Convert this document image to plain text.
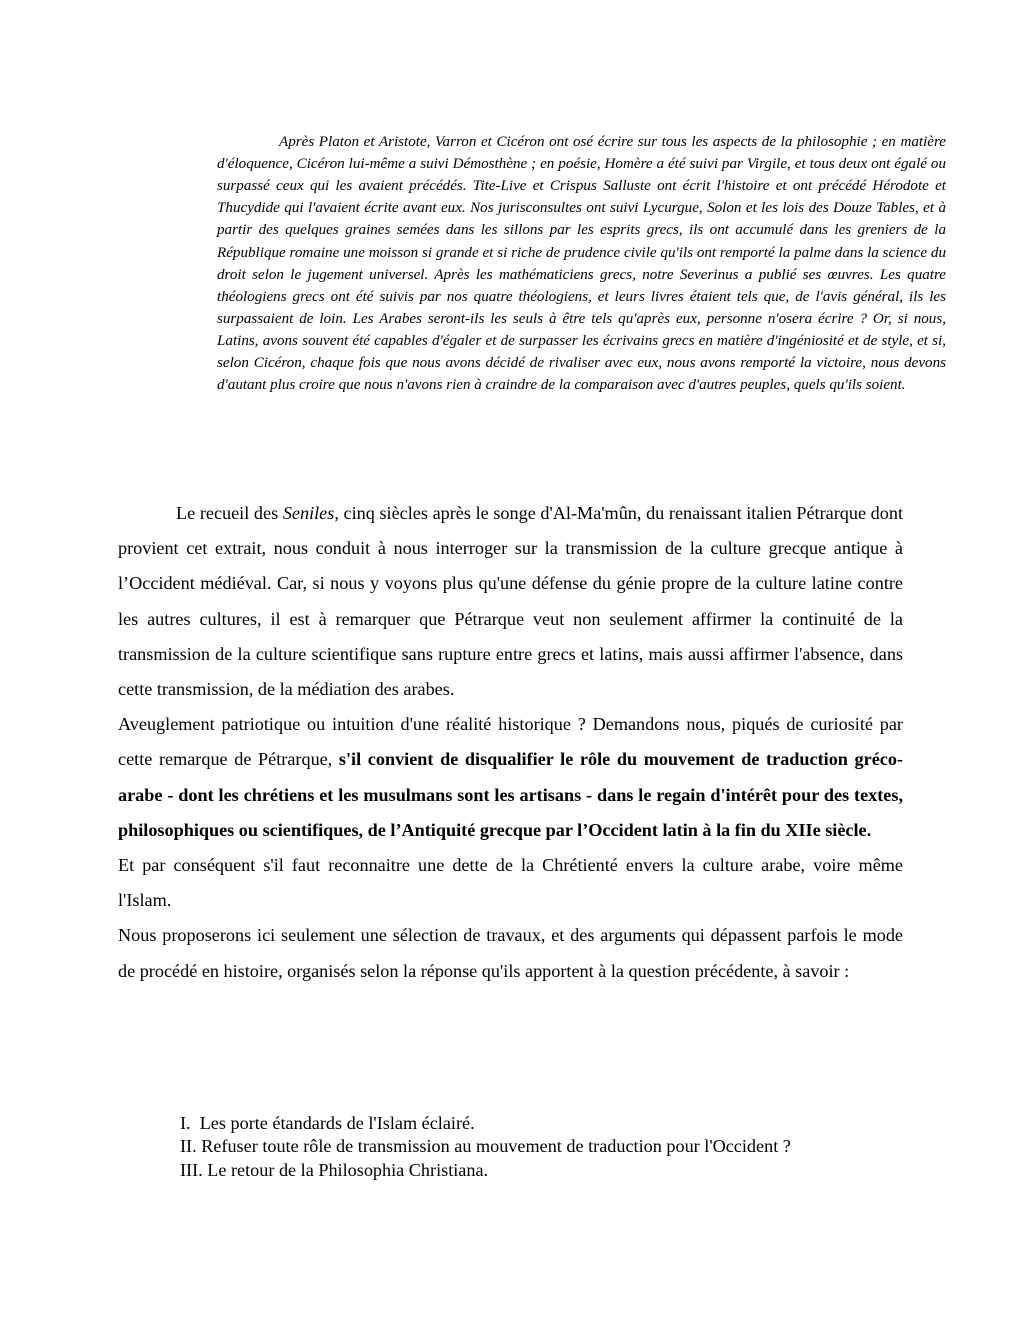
Après Platon et Aristote, Varron et Cicéron ont osé écrire sur tous les aspects de la philosophie ; en matière d'éloquence, Cicéron lui-même a suivi Démosthène ; en poésie, Homère a été suivi par Virgile, et tous deux ont égalé ou surpassé ceux qui les avaient précédés. Tite-Live et Crispus Salluste ont écrit l'histoire et ont précédé Hérodote et Thucydide qui l'avaient écrite avant eux. Nos jurisconsultes ont suivi Lycurgue, Solon et les lois des Douze Tables, et à partir des quelques graines semées dans les sillons par les esprits grecs, ils ont accumulé dans les greniers de la République romaine une moisson si grande et si riche de prudence civile qu'ils ont remporté la palme dans la science du droit selon le jugement universel. Après les mathématiciens grecs, notre Severinus a publié ses œuvres. Les quatre théologiens grecs ont été suivis par nos quatre théologiens, et leurs livres étaient tels que, de l'avis général, ils les surpassaient de loin. Les Arabes seront-ils les seuls à être tels qu'après eux, personne n'osera écrire ? Or, si nous, Latins, avons souvent été capables d'égaler et de surpasser les écrivains grecs en matière d'ingéniosité et de style, et si, selon Cicéron, chaque fois que nous avons décidé de rivaliser avec eux, nous avons remporté la victoire, nous devons d'autant plus croire que nous n'avons rien à craindre de la comparaison avec d'autres peuples, quels qu'ils soient.

Le recueil des Seniles, cinq siècles après le songe d'Al-Ma'mûn, du renaissant italien Pétrarque dont provient cet extrait, nous conduit à nous interroger sur la transmission de la culture grecque antique à l’Occident médiéval. Car, si nous y voyons plus qu'une défense du génie propre de la culture latine contre les autres cultures, il est à remarquer que Pétrarque veut non seulement affirmer la continuité de la transmission de la culture scientifique sans rupture entre grecs et latins, mais aussi affirmer l'absence, dans cette transmission, de la médiation des arabes.

Aveuglement patriotique ou intuition d'une réalité historique ? Demandons nous, piqués de curiosité par cette remarque de Pétrarque, s'il convient de disqualifier le rôle du mouvement de traduction gréco-arabe - dont les chrétiens et les musulmans sont les artisans - dans le regain d'intérêt pour des textes, philosophiques ou scientifiques, de l’Antiquité grecque par l’Occident latin à la fin du XIIe siècle.

Et par conséquent s'il faut reconnaitre une dette de la Chrétienté envers la culture arabe, voire même l'Islam.

Nous proposerons ici seulement une sélection de travaux, et des arguments qui dépassent parfois le mode de procédé en histoire, organisés selon la réponse qu'ils apportent à la question précédente, à savoir :

I.  Les porte étandards de l'Islam éclairé.

II. Refuser toute rôle de transmission au mouvement de traduction pour l'Occident ?

III. Le retour de la Philosophia Christiana.
